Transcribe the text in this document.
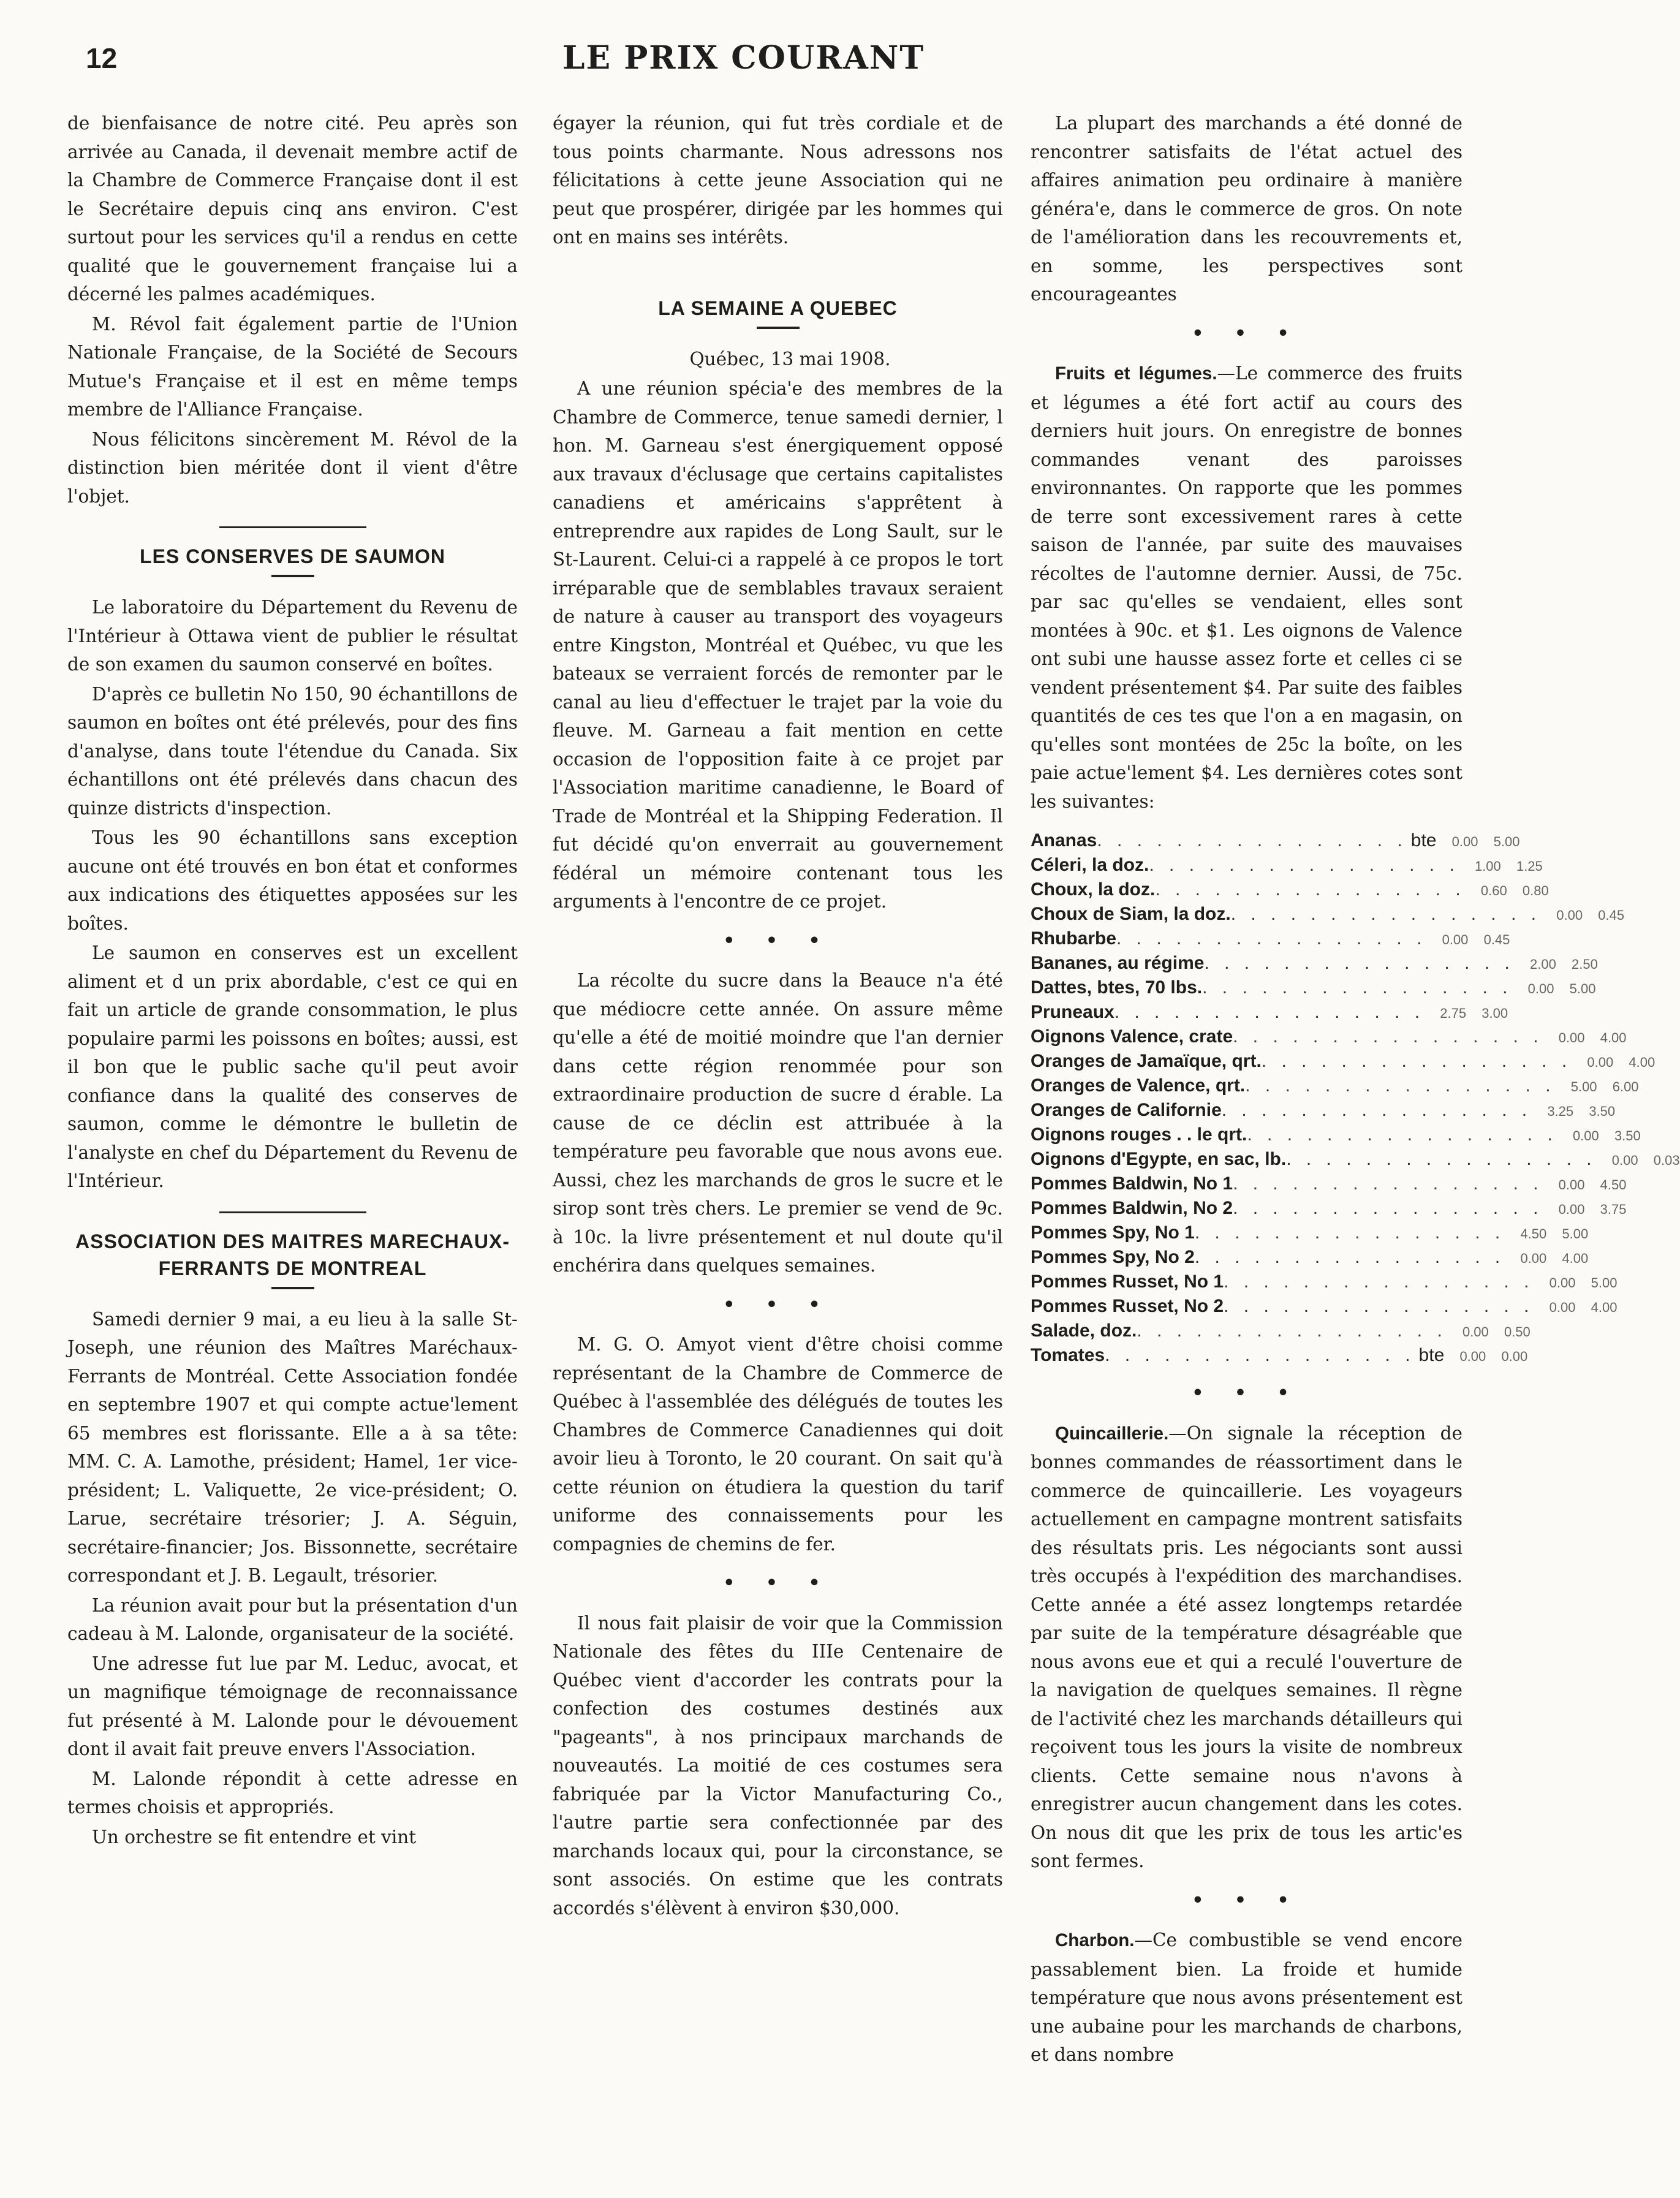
12	LE PRIX COURANT

de bienfaisance de notre cité. Peu après son arrivée au Canada, il devenait membre actif de la Chambre de Commerce Française dont il est le Secrétaire depuis cinq ans environ. C'est surtout pour les services qu'il a rendus en cette qualité que le gouvernement française lui a décerné les palmes académiques.

M. Révol fait également partie de l'Union Nationale Française, de la Société de Secours Mutue's Française et il est en même temps membre de l'Alliance Française.

Nous félicitons sincèrement M. Révol de la distinction bien méritée dont il vient d'être l'objet.

LES CONSERVES DE SAUMON

Le laboratoire du Département du Revenu de l'Intérieur à Ottawa vient de publier le résultat de son examen du saumon conservé en boîtes.

D'après ce bulletin No 150, 90 échantillons de saumon en boîtes ont été prélevés, pour des fins d'analyse, dans toute l'étendue du Canada. Six échantillons ont été prélevés dans chacun des quinze districts d'inspection.

Tous les 90 échantillons sans exception aucune ont été trouvés en bon état et conformes aux indications des étiquettes apposées sur les boîtes.

Le saumon en conserves est un excellent aliment et d un prix abordable, c'est ce qui en fait un article de grande consommation, le plus populaire parmi les poissons en boîtes; aussi, est il bon que le public sache qu'il peut avoir confiance dans la qualité des conserves de saumon, comme le démontre le bulletin de l'analyste en chef du Département du Revenu de l'Intérieur.

ASSOCIATION DES MAITRES MARECHAUX-FERRANTS DE MONTREAL

Samedi dernier 9 mai, a eu lieu à la salle St-Joseph, une réunion des Maîtres Maréchaux-Ferrants de Montréal. Cette Association fondée en septembre 1907 et qui compte actue'lement 65 membres est florissante. Elle a à sa tête: MM. C. A. Lamothe, président; Hamel, 1er vice-président; L. Valiquette, 2e vice-président; O. Larue, secrétaire trésorier; J. A. Séguin, secrétaire-financier; Jos. Bissonnette, secrétaire correspondant et J. B. Legault, trésorier.

La réunion avait pour but la présentation d'un cadeau à M. Lalonde, organisateur de la société.

Une adresse fut lue par M. Leduc, avocat, et un magnifique témoignage de reconnaissance fut présenté à M. Lalonde pour le dévouement dont il avait fait preuve envers l'Association.

M. Lalonde répondit à cette adresse en termes choisis et appropriés.

Un orchestre se fit entendre et vint

égayer la réunion, qui fut très cordiale et de tous points charmante. Nous adressons nos félicitations à cette jeune Association qui ne peut que prospérer, dirigée par les hommes qui ont en mains ses intérêts.

LA SEMAINE A QUEBEC

Québec, 13 mai 1908.

A une réunion spécia'e des membres de la Chambre de Commerce, tenue samedi dernier, l hon. M. Garneau s'est énergiquement opposé aux travaux d'éclusage que certains capitalistes canadiens et américains s'apprêtent à entreprendre aux rapides de Long Sault, sur le St-Laurent. Celui-ci a rappelé à ce propos le tort irréparable que de semblables travaux seraient de nature à causer au transport des voyageurs entre Kingston, Montréal et Québec, vu que les bateaux se verraient forcés de remonter par le canal au lieu d'effectuer le trajet par la voie du fleuve. M. Garneau a fait mention en cette occasion de l'opposition faite à ce projet par l'Association maritime canadienne, le Board of Trade de Montréal et la Shipping Federation. Il fut décidé qu'on enverrait au gouvernement fédéral un mémoire contenant tous les arguments à l'encontre de ce projet.

• • •

La récolte du sucre dans la Beauce n'a été que médiocre cette année. On assure même qu'elle a été de moitié moindre que l'an dernier dans cette région renommée pour son extraordinaire production de sucre d érable. La cause de ce déclin est attribuée à la température peu favorable que nous avons eue. Aussi, chez les marchands de gros le sucre et le sirop sont très chers. Le premier se vend de 9c. à 10c. la livre présentement et nul doute qu'il enchérira dans quelques semaines.

• • •

M. G. O. Amyot vient d'être choisi comme représentant de la Chambre de Commerce de Québec à l'assemblée des délégués de toutes les Chambres de Commerce Canadiennes qui doit avoir lieu à Toronto, le 20 courant. On sait qu'à cette réunion on étudiera la question du tarif uniforme des connaissements pour les compagnies de chemins de fer.

• • •

Il nous fait plaisir de voir que la Commission Nationale des fêtes du IIIe Centenaire de Québec vient d'accorder les contrats pour la confection des costumes destinés aux "pageants", à nos principaux marchands de nouveautés. La moitié de ces costumes sera fabriquée par la Victor Manufacturing Co., l'autre partie sera confectionnée par des marchands locaux qui, pour la circonstance, se sont associés. On estime que les contrats accordés s'élèvent à environ $30,000.

La plupart des marchands a été donné de rencontrer satisfaits de l'état actuel des affaires animation peu ordinaire à manière généra'e, dans le commerce de gros. On note de l'amélioration dans les recouvrements et, en somme, les perspectives sont encourageantes

• • •

Fruits et légumes.—Le commerce des fruits et légumes a été fort actif au cours des derniers huit jours. On enregistre de bonnes commandes venant des paroisses environnantes. On rapporte que les pommes de terre sont excessivement rares à cette saison de l'année, par suite des mauvaises récoltes de l'automne dernier. Aussi, de 75c. par sac qu'elles se vendaient, elles sont montées à 90c. et $1. Les oignons de Valence ont subi une hausse assez forte et celles ci se vendent présentement $4. Par suite des faibles quantités de ces tes que l'on a en magasin, on qu'elles sont montées de 25c la boîte, on les paie actue'lement $4. Les dernières cotes sont les suivantes:

Ananas . . . . . . . . . . . . . . . . bte	0.00	5.00
Céleri, la doz. . . . . . . . . . . . . . . . .	1.00	1.25
Choux, la doz. . . . . . . . . . . . . . . . .	0.60	0.80
Choux de Siam, la doz. . . . . . . . . . . . . . . . .	0.00	0.45
Rhubarbe . . . . . . . . . . . . . . . .	0.00	0.45
Bananes, au régime . . . . . . . . . . . . . . . .	2.00	2.50
Dattes, btes, 70 lbs. . . . . . . . . . . . . . . . .	0.00	5.00
Pruneaux . . . . . . . . . . . . . . . .	2.75	3.00
Oignons Valence, crate . . . . . . . . . . . . . . . .	0.00	4.00
Oranges de Jamaïque, qrt. . . . . . . . . . . . . . . . .	0.00	4.00
Oranges de Valence, qrt. . . . . . . . . . . . . . . . .	5.00	6.00
Oranges de Californie . . . . . . . . . . . . . . . .	3.25	3.50
Oignons rouges . . le qrt. . . . . . . . . . . . . . . . .	0.00	3.50
Oignons d'Egypte, en sac, lb. . . . . . . . . . . . . . . . .	0.00	0.03
Pommes Baldwin, No 1 . . . . . . . . . . . . . . . .	0.00	4.50
Pommes Baldwin, No 2 . . . . . . . . . . . . . . . .	0.00	3.75
Pommes Spy, No 1 . . . . . . . . . . . . . . . .	4.50	5.00
Pommes Spy, No 2 . . . . . . . . . . . . . . . .	0.00	4.00
Pommes Russet, No 1 . . . . . . . . . . . . . . . .	0.00	5.00
Pommes Russet, No 2 . . . . . . . . . . . . . . . .	0.00	4.00
Salade, doz. . . . . . . . . . . . . . . . .	0.00	0.50
Tomates . . . . . . . . . . . . . . . . bte	0.00	0.00
• • •

Quincaillerie.—On signale la réception de bonnes commandes de réassortiment dans le commerce de quincaillerie. Les voyageurs actuellement en campagne montrent satisfaits des résultats pris. Les négociants sont aussi très occupés à l'expédition des marchandises. Cette année a été assez longtemps retardée par suite de la température désagréable que nous avons eue et qui a reculé l'ouverture de la navigation de quelques semaines. Il règne de l'activité chez les marchands détailleurs qui reçoivent tous les jours la visite de nombreux clients. Cette semaine nous n'avons à enregistrer aucun changement dans les cotes. On nous dit que les prix de tous les artic'es sont fermes.

• • •

Charbon.—Ce combustible se vend encore passablement bien. La froide et humide température que nous avons présentement est une aubaine pour les marchands de charbons, et dans nombre
